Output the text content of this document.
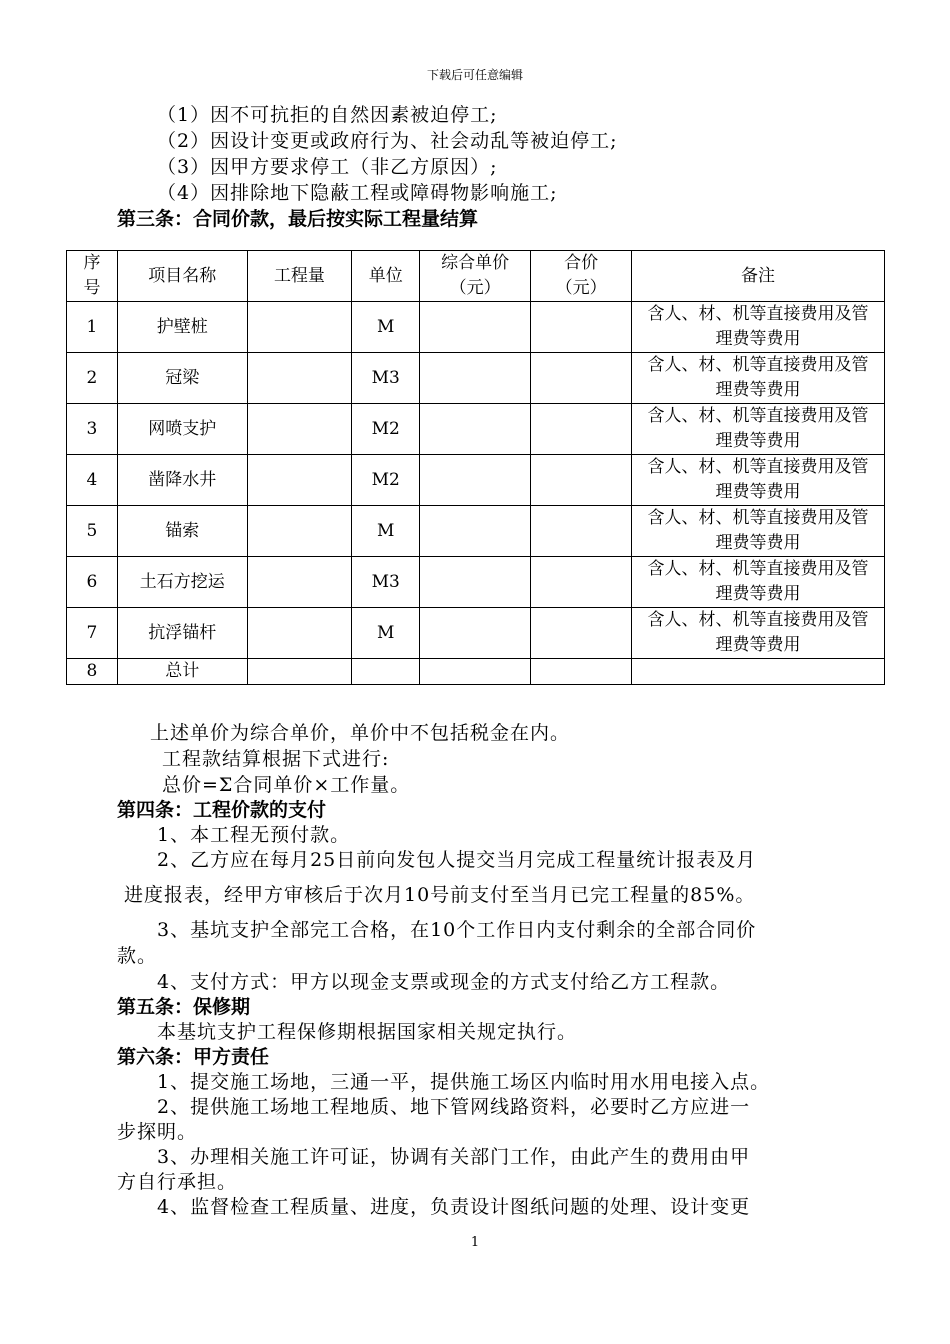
下载后可任意编辑
（1）因不可抗拒的自然因素被迫停工;
（2）因设计变更或政府行为、社会动乱等被迫停工;
（3）因甲方要求停工（非乙方原因）;
（4）因排除地下隐蔽工程或障碍物影响施工;
第三条：合同价款，最后按实际工程量结算
序号	项目名称	工程量	单位	综合单价（元）	合价（元）	备注
1	护壁桩		M			含人、材、机等直接费用及管理费等费用

2	冠梁		M3			含人、材、机等直接费用及管理费等费用

3	网喷支护		M2			含人、材、机等直接费用及管理费等费用

4	凿降水井		M2			含人、材、机等直接费用及管理费等费用

5	锚索		M			含人、材、机等直接费用及管理费等费用

6	土石方挖运		M3			含人、材、机等直接费用及管理费等费用

7	抗浮锚杆		M			含人、材、机等直接费用及管理费等费用

8	总计					
上述单价为综合单价，单价中不包括税金在内。
工程款结算根据下式进行:
总价=Σ合同单价×工作量。
第四条：工程价款的支付
1、本工程无预付款。
2、乙方应在每月25日前向发包人提交当月完成工程量统计报表及月
进度报表，经甲方审核后于次月10号前支付至当月已完工程量的85%。
3、基坑支护全部完工合格，在10个工作日内支付剩余的全部合同价
款。
4、支付方式：甲方以现金支票或现金的方式支付给乙方工程款。
第五条：保修期
本基坑支护工程保修期根据国家相关规定执行。
第六条：甲方责任
1、提交施工场地，三通一平，提供施工场区内临时用水用电接入点。
2、提供施工场地工程地质、地下管网线路资料，必要时乙方应进一
步探明。
3、办理相关施工许可证，协调有关部门工作，由此产生的费用由甲
方自行承担。
4、监督检查工程质量、进度，负责设计图纸问题的处理、设计变更
1
